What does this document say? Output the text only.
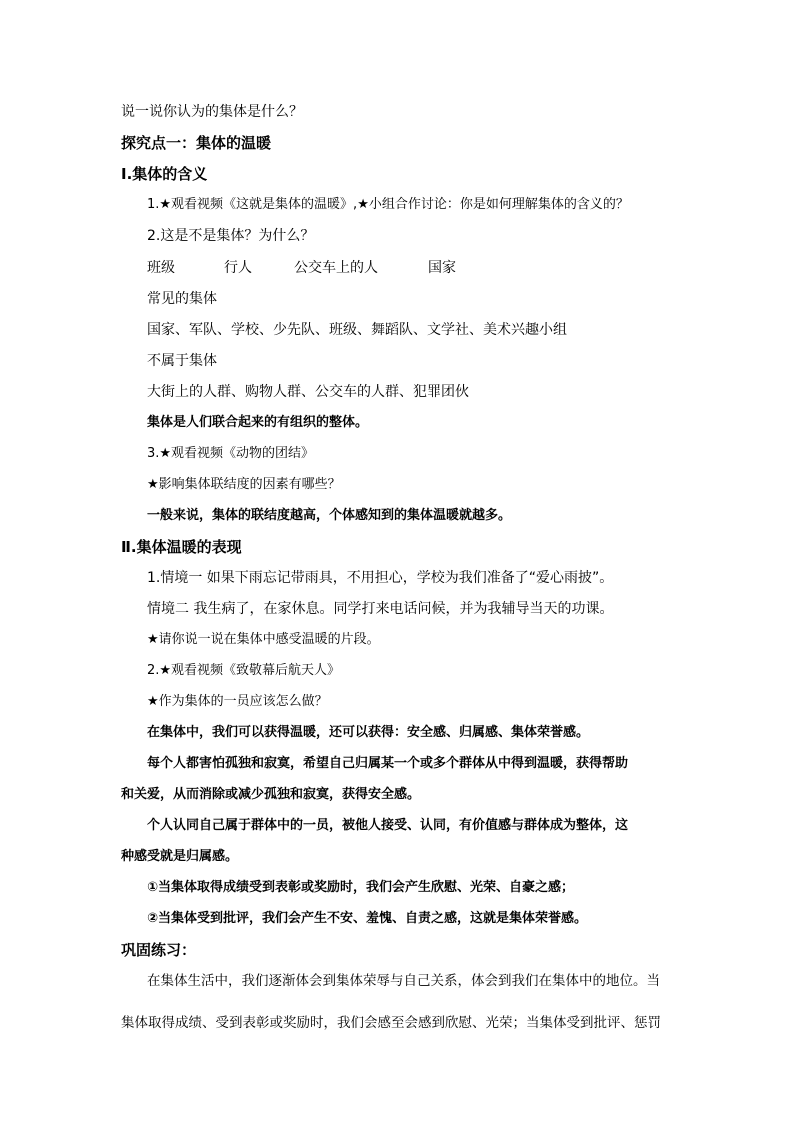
说一说你认为的集体是什么？
探究点一：集体的温暖
Ⅰ.集体的含义
1.★观看视频《这就是集体的温暖》,★小组合作讨论：你是如何理解集体的含义的？
2.这是不是集体？为什么？
班级	行人	公交车上的人	国家
常见的集体
国家、军队、学校、少先队、班级、舞蹈队、文学社、美术兴趣小组
不属于集体
大街上的人群、购物人群、公交车的人群、犯罪团伙
集体是人们联合起来的有组织的整体。
3.★观看视频《动物的团结》
★影响集体联结度的因素有哪些？
一般来说，集体的联结度越高，个体感知到的集体温暖就越多。
Ⅱ.集体温暖的表现
1.情境一 如果下雨忘记带雨具，不用担心，学校为我们准备了“爱心雨披”。
情境二 我生病了，在家休息。同学打来电话问候，并为我辅导当天的功课。
★请你说一说在集体中感受温暖的片段。
2.★观看视频《致敬幕后航天人》
★作为集体的一员应该怎么做？
在集体中，我们可以获得温暖，还可以获得：安全感、归属感、集体荣誉感。
每个人都害怕孤独和寂寞，希望自己归属某一个或多个群体从中得到温暖，获得帮助
和关爱，从而消除或减少孤独和寂寞，获得安全感。
个人认同自己属于群体中的一员，被他人接受、认同，有价值感与群体成为整体，这
种感受就是归属感。
①当集体取得成绩受到表彰或奖励时，我们会产生欣慰、光荣、自豪之感；
②当集体受到批评，我们会产生不安、羞愧、自责之感，这就是集体荣誉感。
巩固练习：
在集体生活中，我们逐渐体会到集体荣辱与自己关系，体会到我们在集体中的地位。当
集体取得成绩、受到表彰或奖励时，我们会感至会感到欣慰、光荣；当集体受到批评、惩罚
